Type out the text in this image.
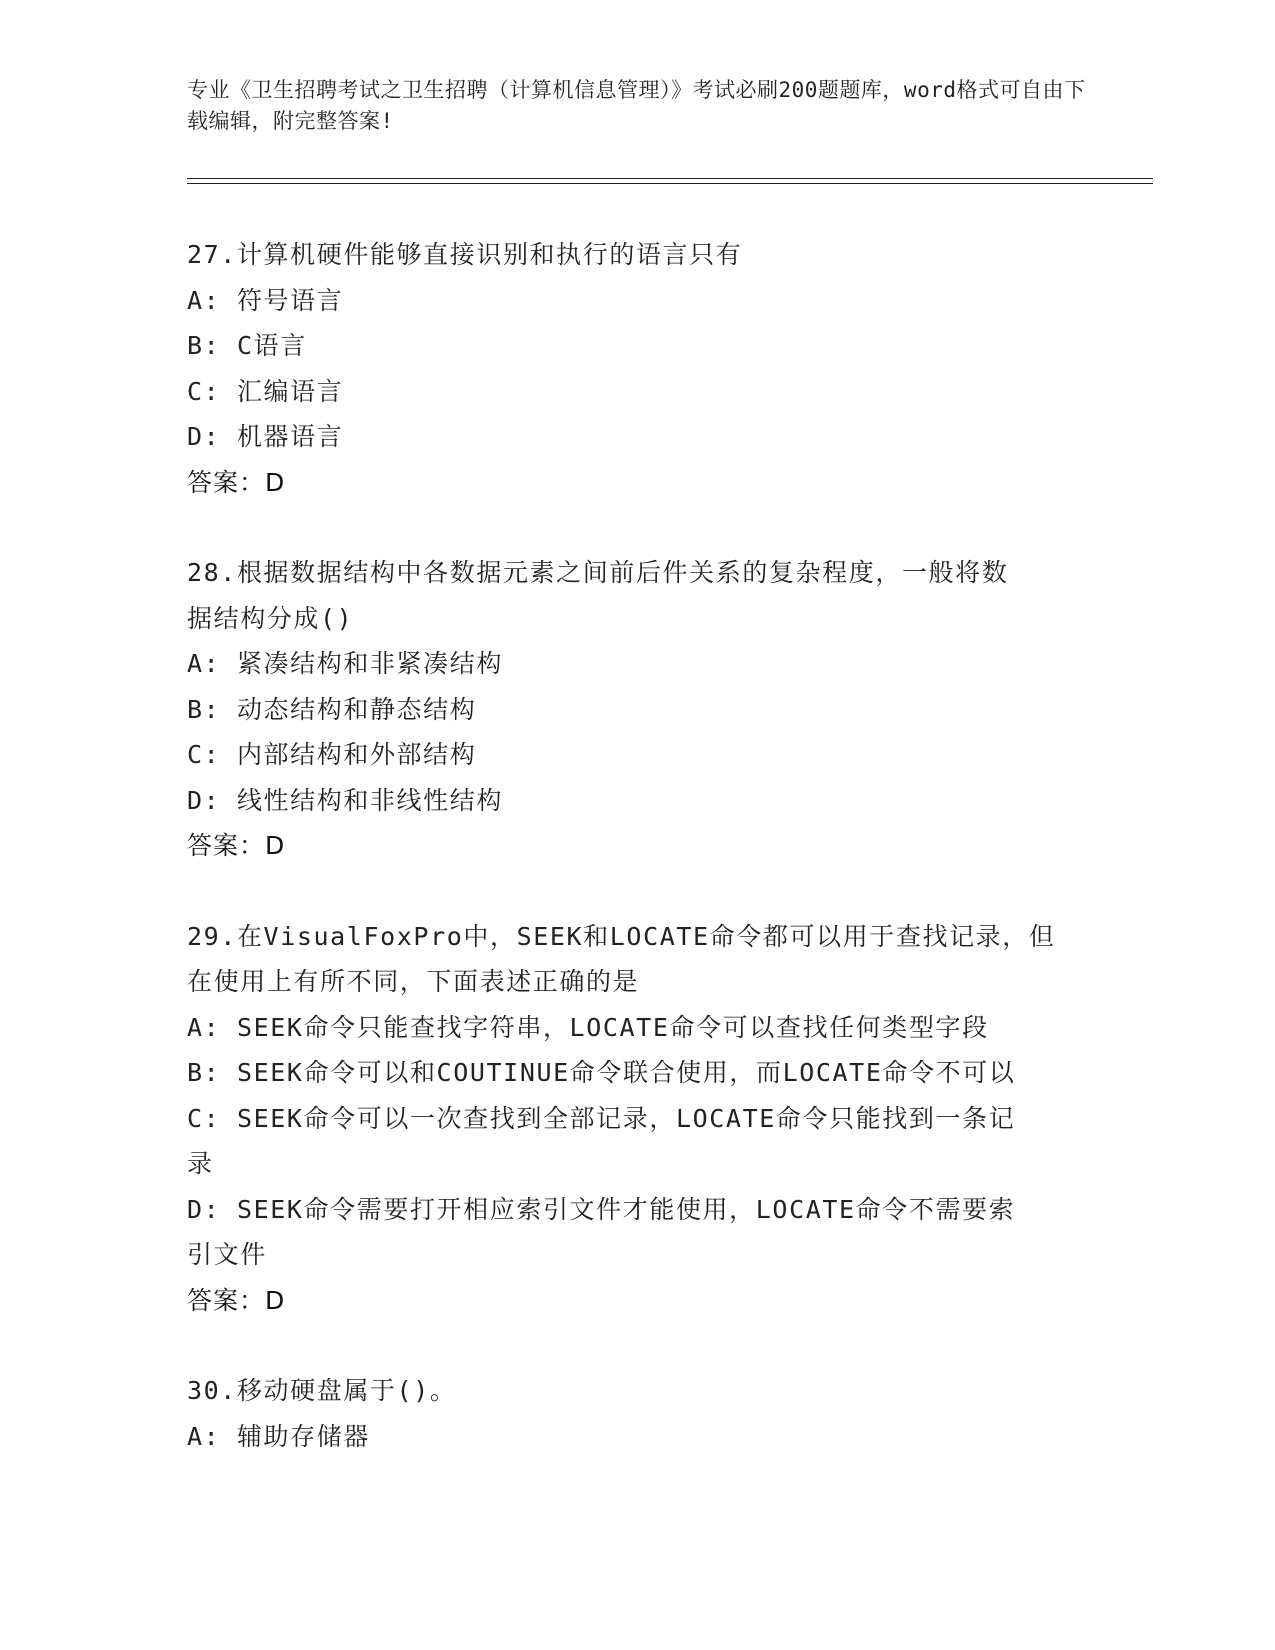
专业《卫生招聘考试之卫生招聘（计算机信息管理）》考试必刷200题题库，word格式可自由下载编辑，附完整答案!

27.计算机硬件能够直接识别和执行的语言只有

A: 符号语言

B: C语言

C: 汇编语言

D: 机器语言

答案：D

28.根据数据结构中各数据元素之间前后件关系的复杂程度，一般将数

据结构分成()

A: 紧凑结构和非紧凑结构

B: 动态结构和静态结构

C: 内部结构和外部结构

D: 线性结构和非线性结构

答案：D

29.在VisualFoxPro中，SEEK和LOCATE命令都可以用于查找记录，但

在使用上有所不同，下面表述正确的是

A: SEEK命令只能查找字符串，LOCATE命令可以查找任何类型字段

B: SEEK命令可以和COUTINUE命令联合使用，而LOCATE命令不可以

C: SEEK命令可以一次查找到全部记录，LOCATE命令只能找到一条记

录

D: SEEK命令需要打开相应索引文件才能使用，LOCATE命令不需要索

引文件

答案：D

30.移动硬盘属于()。

A: 辅助存储器
